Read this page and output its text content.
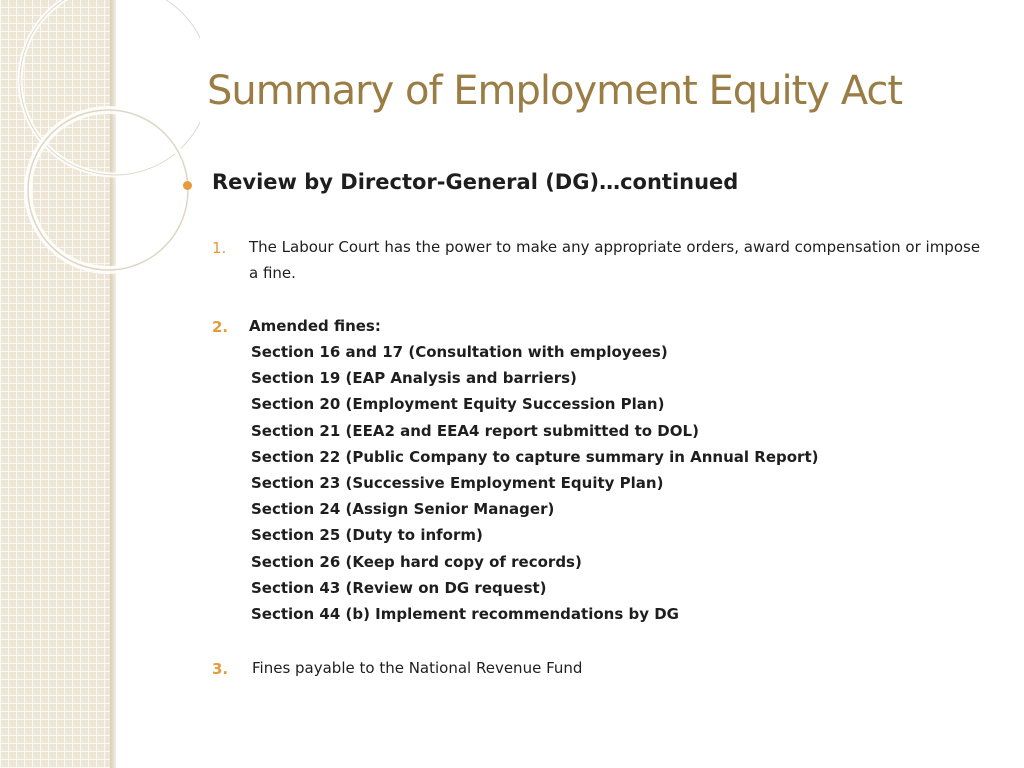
Summary of Employment Equity Act
Review by Director-General (DG)…continued
1. The Labour Court has the power to make any appropriate orders, award compensation or impose a fine.
2. Amended fines:
Section 16 and 17 (Consultation with employees)
Section 19 (EAP Analysis and barriers)
Section 20 (Employment Equity Succession Plan)
Section 21 (EEA2 and EEA4 report submitted to DOL)
Section 22 (Public Company to capture summary in Annual Report)
Section 23 (Successive Employment Equity Plan)
Section 24 (Assign Senior Manager)
Section 25 (Duty to inform)
Section 26 (Keep hard copy of records)
Section 43 (Review on DG request)
Section 44 (b) Implement recommendations by DG
3. Fines payable to the National Revenue Fund
